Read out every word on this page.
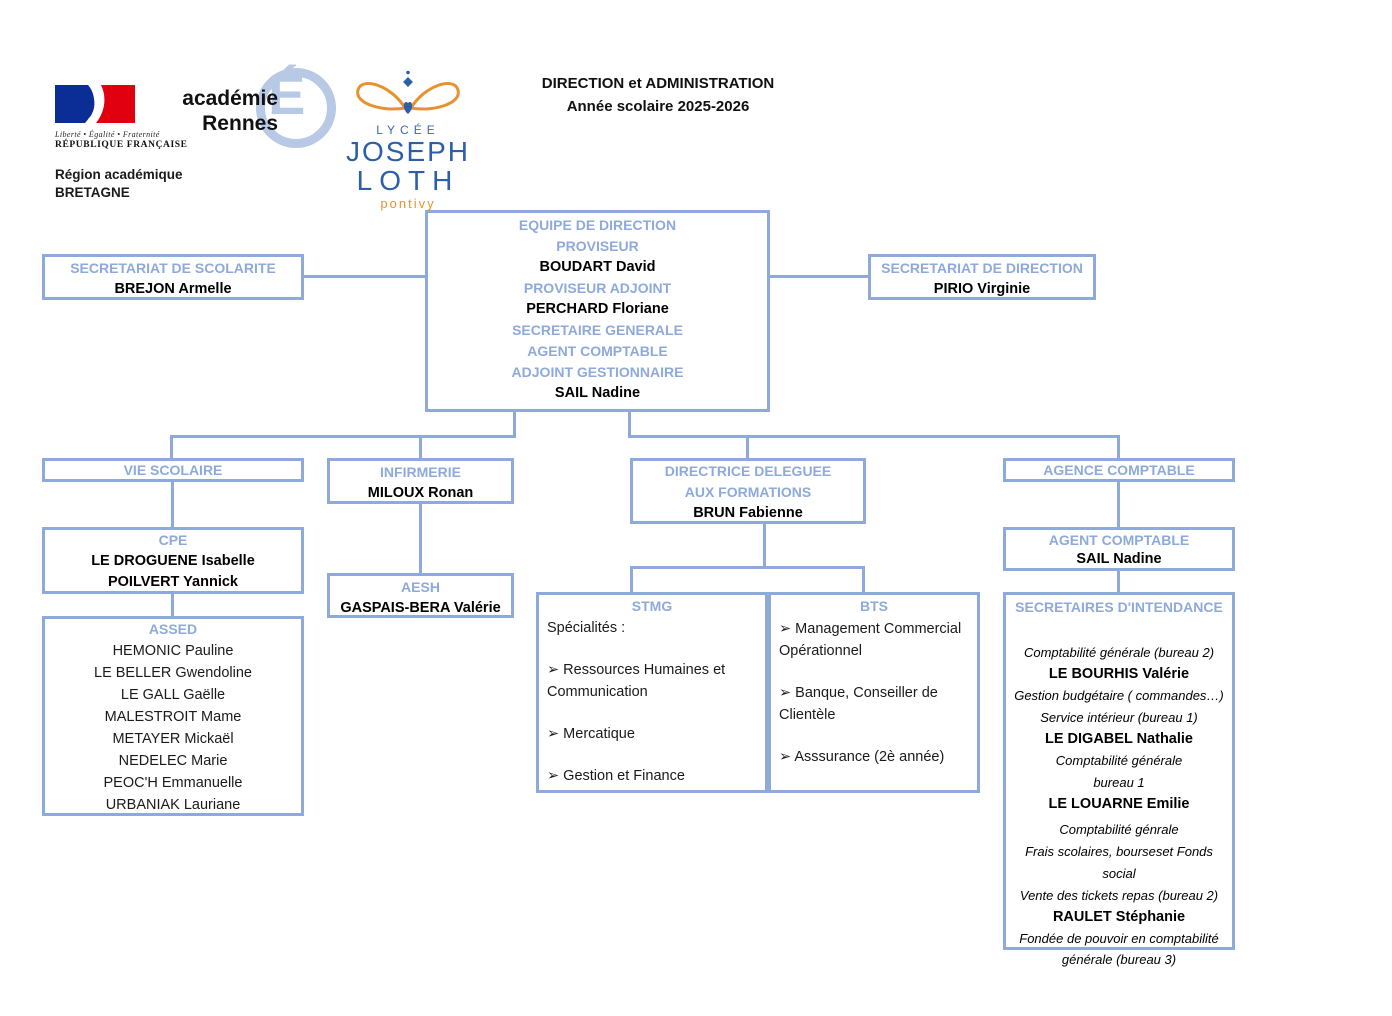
Liberté • Égalité • Fraternité
RÉPUBLIQUE FRANÇAISE
Région académique
BRETAGNE
académie
Rennes
É
LYCÉE
JOSEPH
LOTH
pontivy
DIRECTION et ADMINISTRATION
Année scolaire 2025-2026
EQUIPE DE DIRECTION
PROVISEUR
BOUDART David
PROVISEUR ADJOINT
PERCHARD Floriane
SECRETAIRE GENERALE
AGENT COMPTABLE
ADJOINT GESTIONNAIRE
SAIL Nadine
SECRETARIAT DE SCOLARITE
BREJON Armelle
SECRETARIAT DE DIRECTION
PIRIO Virginie
VIE SCOLAIRE
CPE
LE DROGUENE Isabelle
POILVERT Yannick
ASSED
HEMONIC Pauline
LE BELLER Gwendoline
LE GALL Gaëlle
MALESTROIT Mame
METAYER Mickaël
NEDELEC Marie
PEOC'H Emmanuelle
URBANIAK Lauriane
INFIRMERIE
MILOUX Ronan
AESH
GASPAIS-BERA Valérie
DIRECTRICE DELEGUEE
AUX FORMATIONS
BRUN Fabienne
STMG
Spécialités :
➢ Ressources Humaines et Communication
➢ Mercatique
➢ Gestion et Finance
BTS
➢ Management Commercial Opérationnel
➢ Banque, Conseiller de Clientèle
➢ Asssurance (2è année)
AGENCE COMPTABLE
AGENT COMPTABLE
SAIL Nadine
SECRETAIRES D'INTENDANCE
Comptabilité générale (bureau 2)
LE BOURHIS Valérie
Gestion budgétaire ( commandes…)
Service intérieur (bureau 1)
LE DIGABEL Nathalie
Comptabilité générale
bureau 1
LE LOUARNE Emilie
Comptabilité génrale
Frais scolaires, bourseset Fonds social
Vente des tickets repas (bureau 2)
RAULET Stéphanie
Fondée de pouvoir en comptabilité générale (bureau 3)
